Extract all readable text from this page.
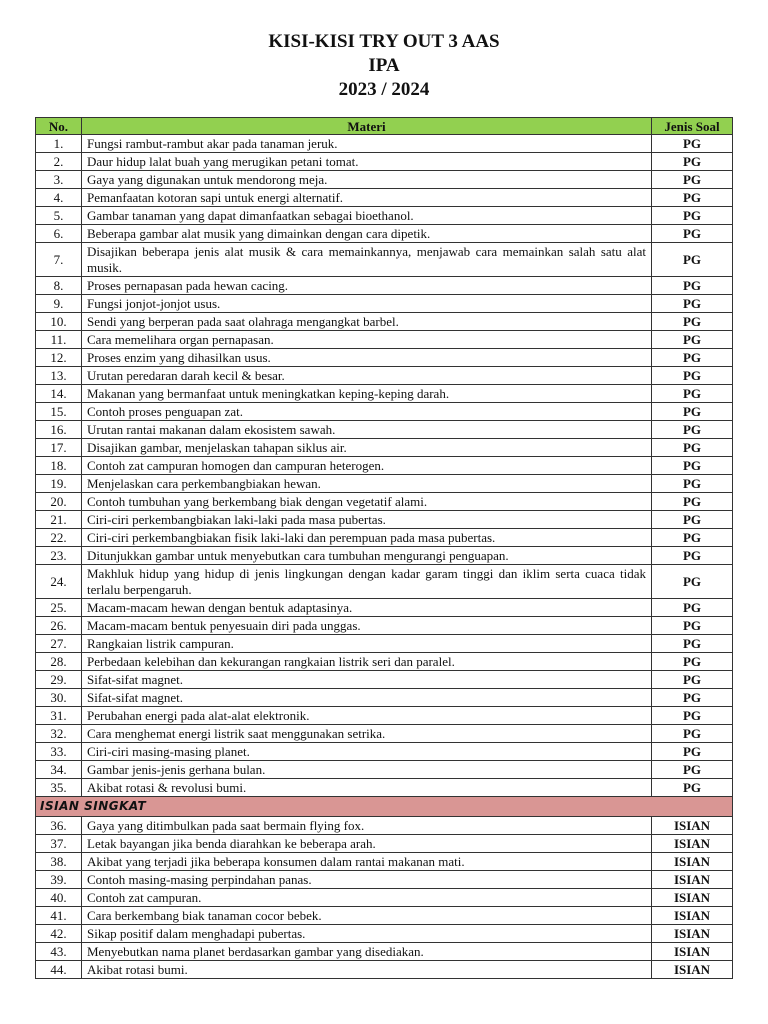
KISI-KISI TRY OUT 3 AAS
IPA
2023 / 2024
No.	Materi	Jenis Soal
1.	Fungsi rambut-rambut akar pada tanaman jeruk.	PG
2.	Daur hidup lalat buah yang merugikan petani tomat.	PG
3.	Gaya yang digunakan untuk mendorong meja.	PG
4.	Pemanfaatan kotoran sapi untuk energi alternatif.	PG
5.	Gambar tanaman yang dapat dimanfaatkan sebagai bioethanol.	PG
6.	Beberapa gambar alat musik yang dimainkan dengan cara dipetik.	PG
7.	Disajikan beberapa jenis alat musik & cara memainkannya, menjawab cara memainkan salah satu alat musik.	PG
8.	Proses pernapasan pada hewan cacing.	PG
9.	Fungsi jonjot-jonjot usus.	PG
10.	Sendi yang berperan pada saat olahraga mengangkat barbel.	PG
11.	Cara memelihara organ pernapasan.	PG
12.	Proses enzim yang dihasilkan usus.	PG
13.	Urutan peredaran darah kecil & besar.	PG
14.	Makanan yang bermanfaat untuk meningkatkan keping-keping darah.	PG
15.	Contoh proses penguapan zat.	PG
16.	Urutan rantai makanan dalam ekosistem sawah.	PG
17.	Disajikan gambar, menjelaskan tahapan siklus air.	PG
18.	Contoh zat campuran homogen dan campuran heterogen.	PG
19.	Menjelaskan cara perkembangbiakan hewan.	PG
20.	Contoh tumbuhan yang berkembang biak dengan vegetatif alami.	PG
21.	Ciri-ciri perkembangbiakan laki-laki pada masa pubertas.	PG
22.	Ciri-ciri perkembangbiakan fisik laki-laki dan perempuan pada masa pubertas.	PG
23.	Ditunjukkan gambar untuk menyebutkan cara tumbuhan mengurangi penguapan.	PG
24.	Makhluk hidup yang hidup di jenis lingkungan dengan kadar garam tinggi dan iklim serta cuaca tidak terlalu berpengaruh.	PG
25.	Macam-macam hewan dengan bentuk adaptasinya.	PG
26.	Macam-macam bentuk penyesuain diri pada unggas.	PG
27.	Rangkaian listrik campuran.	PG
28.	Perbedaan kelebihan dan kekurangan rangkaian listrik seri dan paralel.	PG
29.	Sifat-sifat magnet.	PG
30.	Sifat-sifat magnet.	PG
31.	Perubahan energi pada alat-alat elektronik.	PG
32.	Cara menghemat energi listrik saat menggunakan setrika.	PG
33.	Ciri-ciri masing-masing planet.	PG
34.	Gambar jenis-jenis gerhana bulan.	PG
35.	Akibat rotasi & revolusi bumi.	PG
ISIAN SINGKAT		
36.	Gaya yang ditimbulkan pada saat bermain flying fox.	ISIAN
37.	Letak bayangan jika benda diarahkan ke beberapa arah.	ISIAN
38.	Akibat yang terjadi jika beberapa konsumen dalam rantai makanan mati.	ISIAN
39.	Contoh masing-masing perpindahan panas.	ISIAN
40.	Contoh zat campuran.	ISIAN
41.	Cara berkembang biak tanaman cocor bebek.	ISIAN
42.	Sikap positif dalam menghadapi pubertas.	ISIAN
43.	Menyebutkan nama planet berdasarkan gambar yang disediakan.	ISIAN
44.	Akibat rotasi bumi.	ISIAN
